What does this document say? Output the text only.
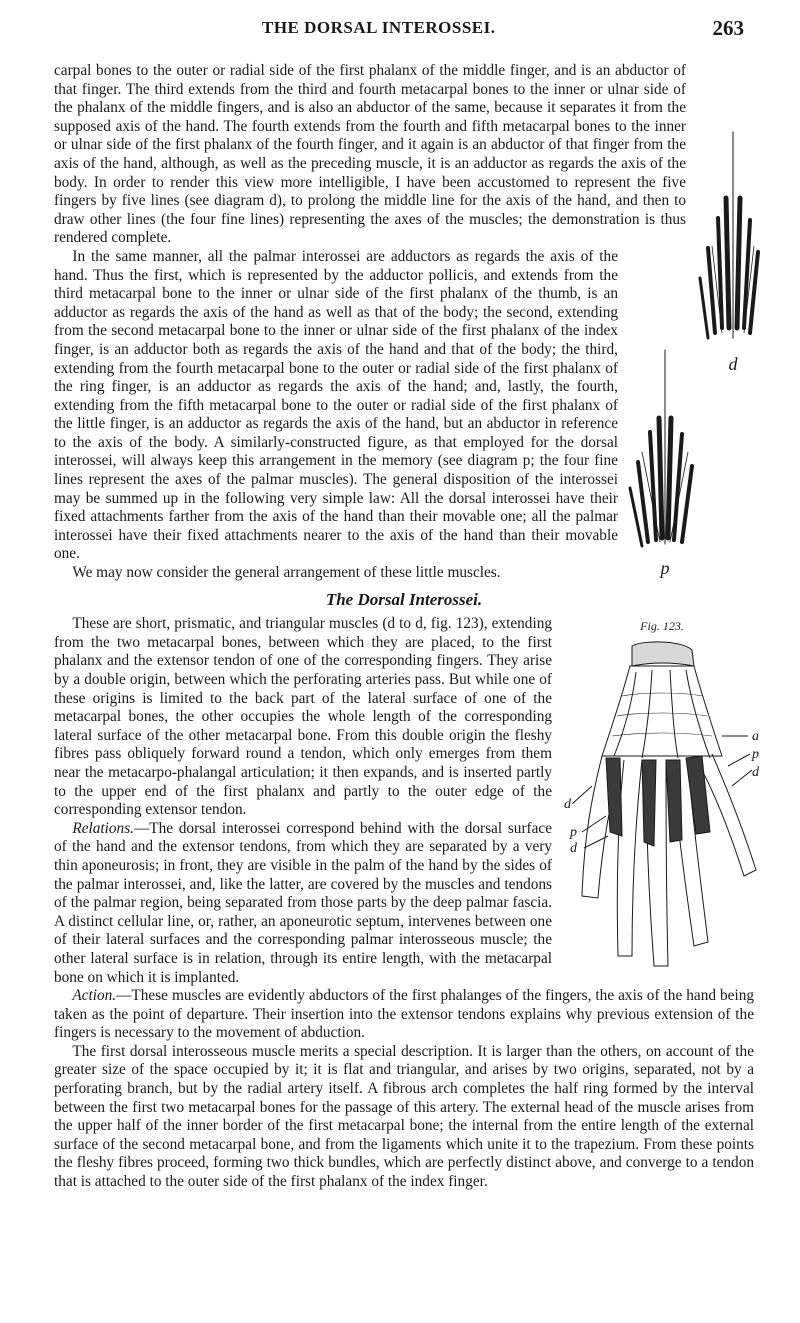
THE DORSAL INTEROSSEI.	263
d

carpal bones to the outer or radial side of the first phalanx of the middle finger, and is an abductor of that finger. The third extends from the third and fourth metacarpal bones to the inner or ulnar side of the phalanx of the middle fingers, and is also an abductor of the same, because it separates it from the supposed axis of the hand. The fourth extends from the fourth and fifth metacarpal bones to the inner or ulnar side of the first phalanx of the fourth finger, and it again is an abductor of that finger from the axis of the hand, although, as well as the preceding muscle, it is an adductor as regards the axis of the body. In order to render this view more intelligible, I have been accustomed to represent the five fingers by five lines (see diagram d), to prolong the middle line for the axis of the hand, and then to draw other lines (the four fine lines) representing the axes of the muscles; the demonstration is thus rendered complete.

p

In the same manner, all the palmar interossei are adductors as regards the axis of the hand. Thus the first, which is represented by the adductor pollicis, and extends from the third metacarpal bone to the inner or ulnar side of the first phalanx of the thumb, is an adductor as regards the axis of the hand as well as that of the body; the second, extending from the second metacarpal bone to the inner or ulnar side of the first phalanx of the index finger, is an adductor both as regards the axis of the hand and that of the body; the third, extending from the fourth metacarpal bone to the outer or radial side of the first phalanx of the ring finger, is an adductor as regards the axis of the hand; and, lastly, the fourth, extending from the fifth metacarpal bone to the outer or radial side of the first phalanx of the little finger, is an adductor as regards the axis of the hand, but an abductor in reference to the axis of the body. A similarly-constructed figure, as that employed for the dorsal interossei, will always keep this arrangement in the memory (see diagram p; the four fine lines represent the axes of the palmar muscles). The general disposition of the interossei may be summed up in the following very simple law: All the dorsal interossei have their fixed attachments farther from the axis of the hand than their movable one; all the palmar interossei have their fixed attachments nearer to the axis of the hand than their movable one.

We may now consider the general arrangement of these little muscles.

The Dorsal Interossei.
Fig. 123.
a
p
d
d
p
d

These are short, prismatic, and triangular muscles (d to d, fig. 123), extending from the two metacarpal bones, between which they are placed, to the first phalanx and the extensor tendon of one of the corresponding fingers. They arise by a double origin, between which the perforating arteries pass. But while one of these origins is limited to the back part of the lateral surface of one of the metacarpal bones, the other occupies the whole length of the corresponding lateral surface of the other metacarpal bone. From this double origin the fleshy fibres pass obliquely forward round a tendon, which only emerges from them near the metacarpo-phalangal articulation; it then expands, and is inserted partly to the upper end of the first phalanx and partly to the outer edge of the corresponding extensor tendon.

Relations.—The dorsal interossei correspond behind with the dorsal surface of the hand and the extensor tendons, from which they are separated by a very thin aponeurosis; in front, they are visible in the palm of the hand by the sides of the palmar interossei, and, like the latter, are covered by the muscles and tendons of the palmar region, being separated from those parts by the deep palmar fascia. A distinct cellular line, or, rather, an aponeurotic septum, intervenes between one of their lateral surfaces and the corresponding palmar interosseous muscle; the other lateral surface is in relation, through its entire length, with the metacarpal bone on which it is implanted.

Action.—These muscles are evidently abductors of the first phalanges of the fingers, the axis of the hand being taken as the point of departure. Their insertion into the extensor tendons explains why previous extension of the fingers is necessary to the movement of abduction.

The first dorsal interosseous muscle merits a special description. It is larger than the others, on account of the greater size of the space occupied by it; it is flat and triangular, and arises by two origins, separated, not by a perforating branch, but by the radial artery itself. A fibrous arch completes the half ring formed by the interval between the first two metacarpal bones for the passage of this artery. The external head of the muscle arises from the upper half of the inner border of the first metacarpal bone; the internal from the entire length of the external surface of the second metacarpal bone, and from the ligaments which unite it to the trapezium. From these points the fleshy fibres proceed, forming two thick bundles, which are perfectly distinct above, and converge to a tendon that is attached to the outer side of the first phalanx of the index finger.
